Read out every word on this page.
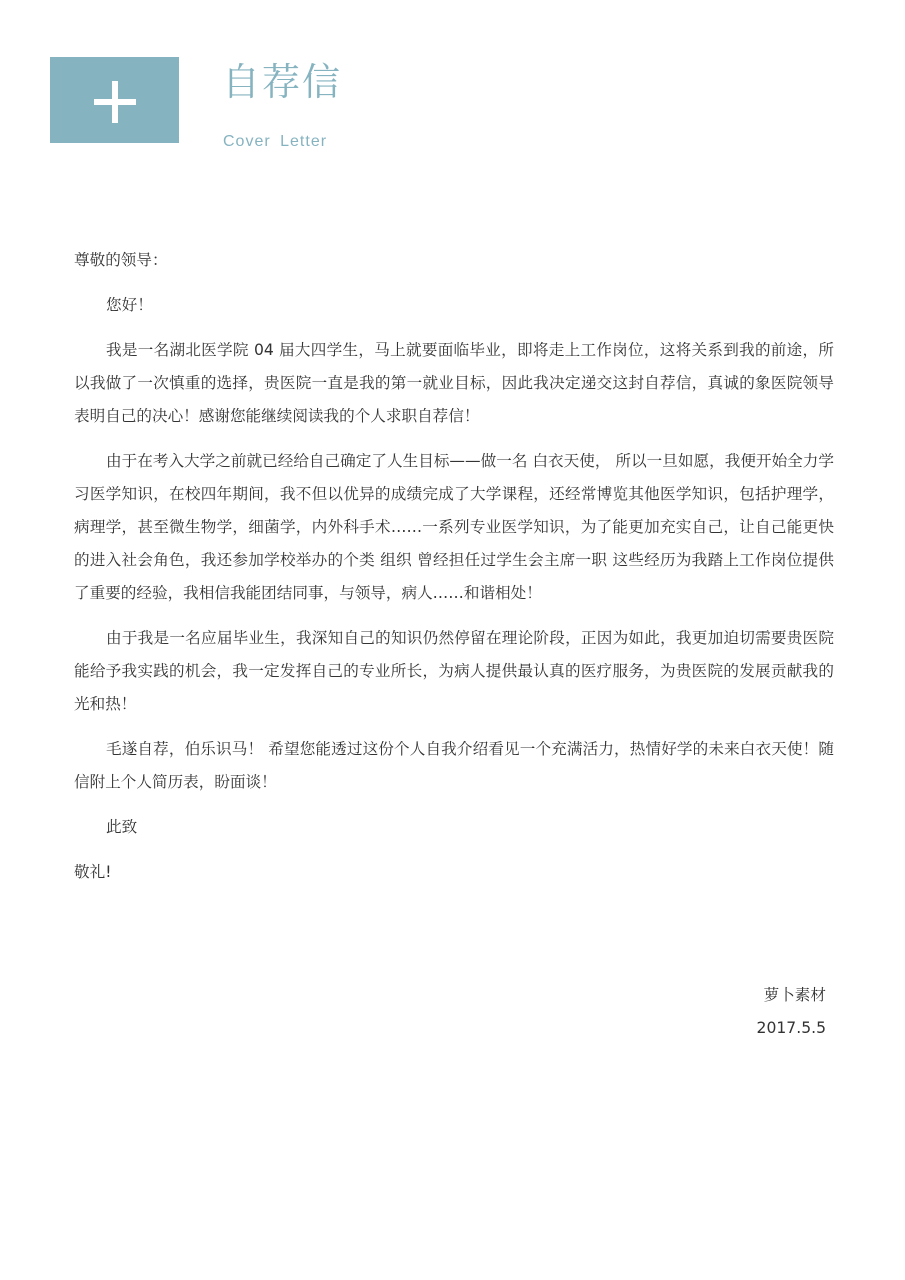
自荐信
Cover Letter

尊敬的领导：

您好！

我是一名湖北医学院 04 届大四学生，马上就要面临毕业，即将走上工作岗位，这将关系到我的前途，所以我做了一次慎重的选择，贵医院一直是我的第一就业目标，因此我决定递交这封自荐信，真诚的象医院领导表明自己的决心！感谢您能继续阅读我的个人求职自荐信！

由于在考入大学之前就已经给自己确定了人生目标——做一名 白衣天使， 所以一旦如愿，我便开始全力学习医学知识，在校四年期间，我不但以优异的成绩完成了大学课程，还经常博览其他医学知识，包括护理学，病理学，甚至微生物学，细菌学，内外科手术……一系列专业医学知识，为了能更加充实自己，让自己能更快的进入社会角色，我还参加学校举办的个类 组织 曾经担任过学生会主席一职 这些经历为我踏上工作岗位提供了重要的经验，我相信我能团结同事，与领导，病人……和谐相处！

由于我是一名应届毕业生，我深知自己的知识仍然停留在理论阶段，正因为如此，我更加迫切需要贵医院能给予我实践的机会，我一定发挥自己的专业所长，为病人提供最认真的医疗服务，为贵医院的发展贡献我的光和热！

毛遂自荐，伯乐识马！ 希望您能透过这份个人自我介绍看见一个充满活力，热情好学的未来白衣天使！随信附上个人简历表，盼面谈！

此致

敬礼!

萝卜素材
2017.5.5
